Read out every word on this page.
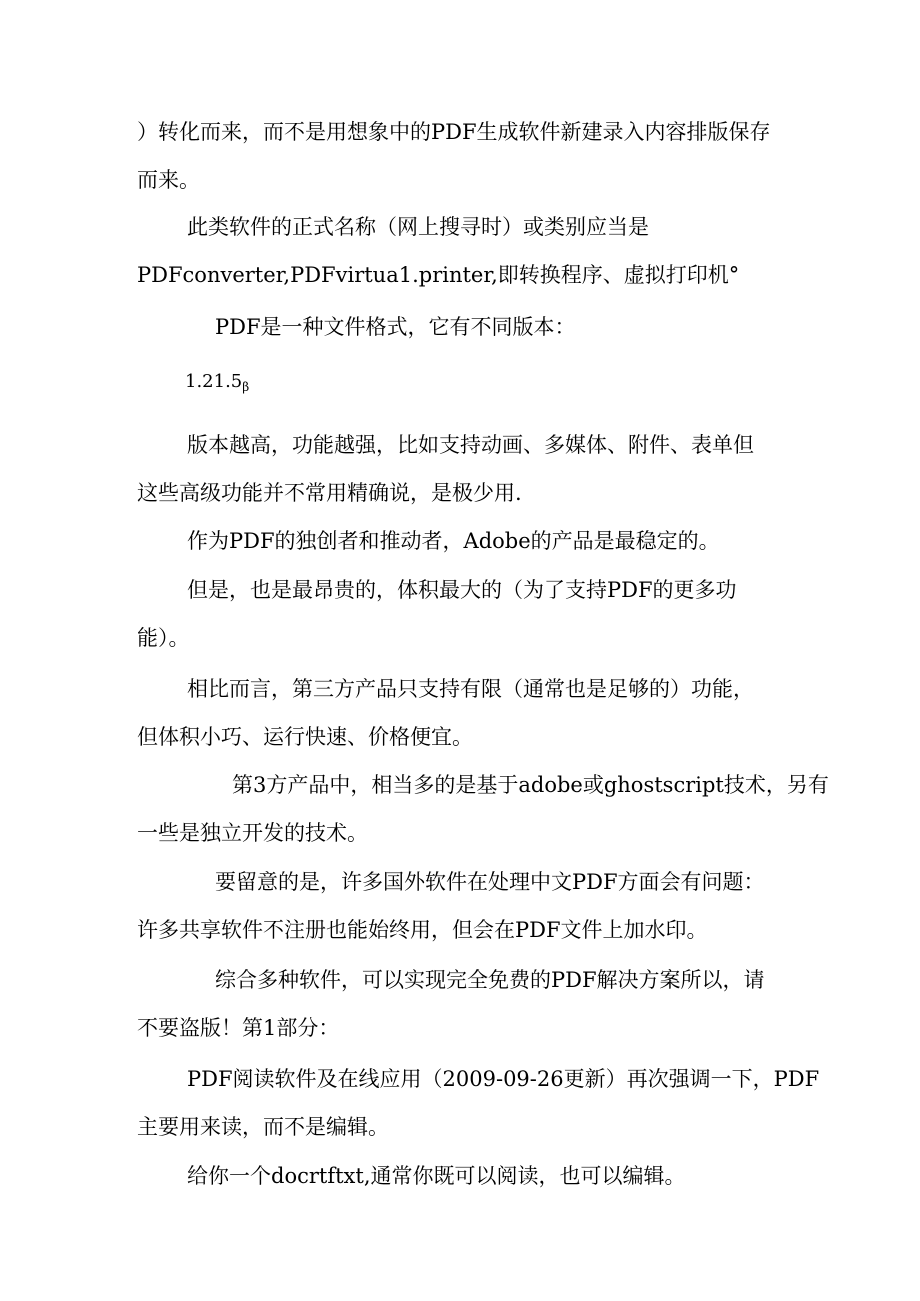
）转化而来，而不是用想象中的PDF生成软件新建录入内容排版保存
而来。
此类软件的正式名称（网上搜寻时）或类别应当是
PDFconverter,PDFvirtua1.printer,即转换程序、虚拟打印机°
PDF是一种文件格式，它有不同版本：
$1.21.5_\beta$
版本越高，功能越强，比如支持动画、多媒体、附件、表单但
这些高级功能并不常用精确说，是极少用.
作为PDF的独创者和推动者，Adobe的产品是最稳定的。
但是，也是最昂贵的，体积最大的（为了支持PDF的更多功
能）。
相比而言，第三方产品只支持有限（通常也是足够的）功能，
但体积小巧、运行快速、价格便宜。
第3方产品中，相当多的是基于adobe或ghostscript技术，另有
一些是独立开发的技术。
要留意的是，许多国外软件在处理中文PDF方面会有问题：
许多共享软件不注册也能始终用，但会在PDF文件上加水印。
综合多种软件，可以实现完全免费的PDF解决方案所以，请
不要盗版！第1部分：
PDF阅读软件及在线应用（2009-09-26更新）再次强调一下，PDF
主要用来读，而不是编辑。
给你一个docrtftxt,通常你既可以阅读，也可以编辑。
